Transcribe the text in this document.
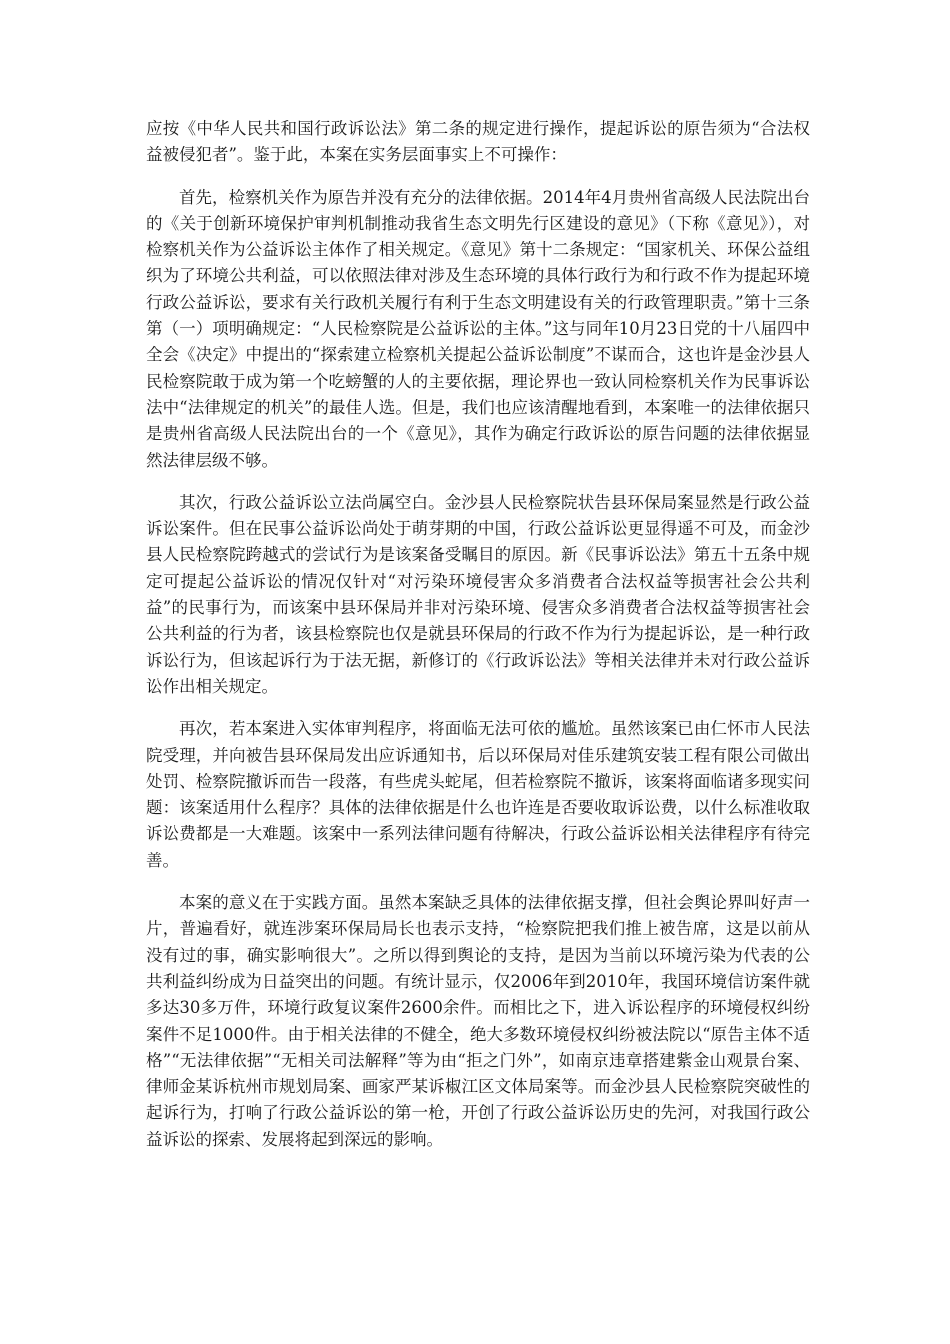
应按《中华人民共和国行政诉讼法》第二条的规定进行操作，提起诉讼的原告须为“合法权益被侵犯者”。鉴于此，本案在实务层面事实上不可操作：

首先，检察机关作为原告并没有充分的法律依据。2014年4月贵州省高级人民法院出台的《关于创新环境保护审判机制推动我省生态文明先行区建设的意见》（下称《意见》），对检察机关作为公益诉讼主体作了相关规定。《意见》第十二条规定：“国家机关、环保公益组织为了环境公共利益，可以依照法律对涉及生态环境的具体行政行为和行政不作为提起环境行政公益诉讼，要求有关行政机关履行有利于生态文明建设有关的行政管理职责。”第十三条第（一）项明确规定：“人民检察院是公益诉讼的主体。”这与同年10月23日党的十八届四中全会《决定》中提出的“探索建立检察机关提起公益诉讼制度”不谋而合，这也许是金沙县人民检察院敢于成为第一个吃螃蟹的人的主要依据，理论界也一致认同检察机关作为民事诉讼法中“法律规定的机关”的最佳人选。但是，我们也应该清醒地看到，本案唯一的法律依据只是贵州省高级人民法院出台的一个《意见》，其作为确定行政诉讼的原告问题的法律依据显然法律层级不够。

其次，行政公益诉讼立法尚属空白。金沙县人民检察院状告县环保局案显然是行政公益诉讼案件。但在民事公益诉讼尚处于萌芽期的中国，行政公益诉讼更显得遥不可及，而金沙县人民检察院跨越式的尝试行为是该案备受瞩目的原因。新《民事诉讼法》第五十五条中规定可提起公益诉讼的情况仅针对“对污染环境侵害众多消费者合法权益等损害社会公共利益”的民事行为，而该案中县环保局并非对污染环境、侵害众多消费者合法权益等损害社会公共利益的行为者，该县检察院也仅是就县环保局的行政不作为行为提起诉讼，是一种行政诉讼行为，但该起诉行为于法无据，新修订的《行政诉讼法》等相关法律并未对行政公益诉讼作出相关规定。

再次，若本案进入实体审判程序，将面临无法可依的尴尬。虽然该案已由仁怀市人民法院受理，并向被告县环保局发出应诉通知书，后以环保局对佳乐建筑安装工程有限公司做出处罚、检察院撤诉而告一段落，有些虎头蛇尾，但若检察院不撤诉，该案将面临诸多现实问题：该案适用什么程序？具体的法律依据是什么也许连是否要收取诉讼费，以什么标准收取诉讼费都是一大难题。该案中一系列法律问题有待解决，行政公益诉讼相关法律程序有待完善。

本案的意义在于实践方面。虽然本案缺乏具体的法律依据支撑，但社会舆论界叫好声一片，普遍看好，就连涉案环保局局长也表示支持，“检察院把我们推上被告席，这是以前从没有过的事，确实影响很大”。之所以得到舆论的支持，是因为当前以环境污染为代表的公共利益纠纷成为日益突出的问题。有统计显示，仅2006年到2010年，我国环境信访案件就多达30多万件，环境行政复议案件2600余件。而相比之下，进入诉讼程序的环境侵权纠纷案件不足1000件。由于相关法律的不健全，绝大多数环境侵权纠纷被法院以“原告主体不适格”“无法律依据”“无相关司法解释”等为由“拒之门外”，如南京违章搭建紫金山观景台案、律师金某诉杭州市规划局案、画家严某诉椒江区文体局案等。而金沙县人民检察院突破性的起诉行为，打响了行政公益诉讼的第一枪，开创了行政公益诉讼历史的先河，对我国行政公益诉讼的探索、发展将起到深远的影响。
